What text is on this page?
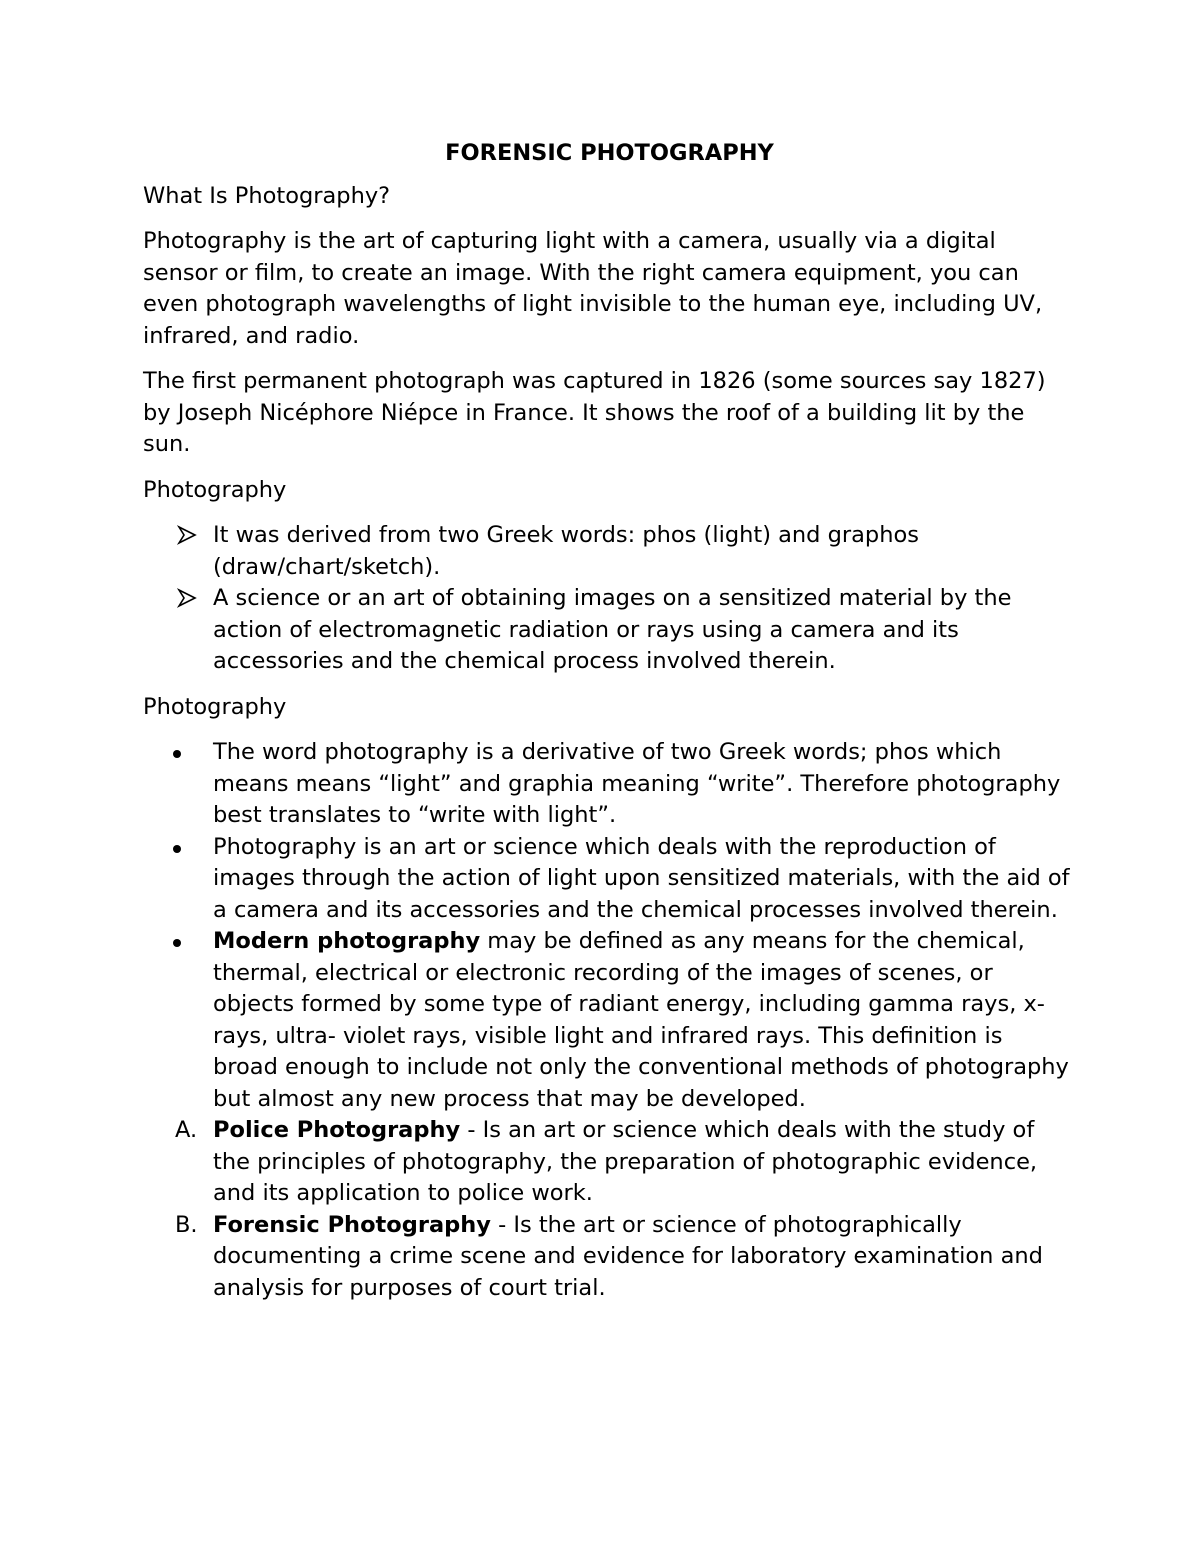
FORENSIC PHOTOGRAPHY

What Is Photography?

Photography is the art of capturing light with a camera, usually via a digital sensor or film, to create an image. With the right camera equipment, you can even photograph wavelengths of light invisible to the human eye, including UV, infrared, and radio.

The first permanent photograph was captured in 1826 (some sources say 1827) by Joseph Nicéphore Niépce in France. It shows the roof of a building lit by the sun.

Photography

It was derived from two Greek words: phos (light) and graphos (draw/chart/sketch).
A science or an art of obtaining images on a sensitized material by the action of electromagnetic radiation or rays using a camera and its accessories and the chemical process involved therein.

Photography

The word photography is a derivative of two Greek words; phos which means means “light” and graphia meaning “write”. Therefore photography best translates to “write with light”.
Photography is an art or science which deals with the reproduction of images through the action of light upon sensitized materials, with the aid of a camera and its accessories and the chemical processes involved therein.
Modern photography may be defined as any means for the chemical, thermal, electrical or electronic recording of the images of scenes, or objects formed by some type of radiant energy, including gamma rays, x-rays, ultra- violet rays, visible light and infrared rays. This definition is broad enough to include not only the conventional methods of photography but almost any new process that may be developed.
A. Police Photography - Is an art or science which deals with the study of the principles of photography, the preparation of photographic evidence, and its application to police work.
B. Forensic Photography - Is the art or science of photographically documenting a crime scene and evidence for laboratory examination and analysis for purposes of court trial.
